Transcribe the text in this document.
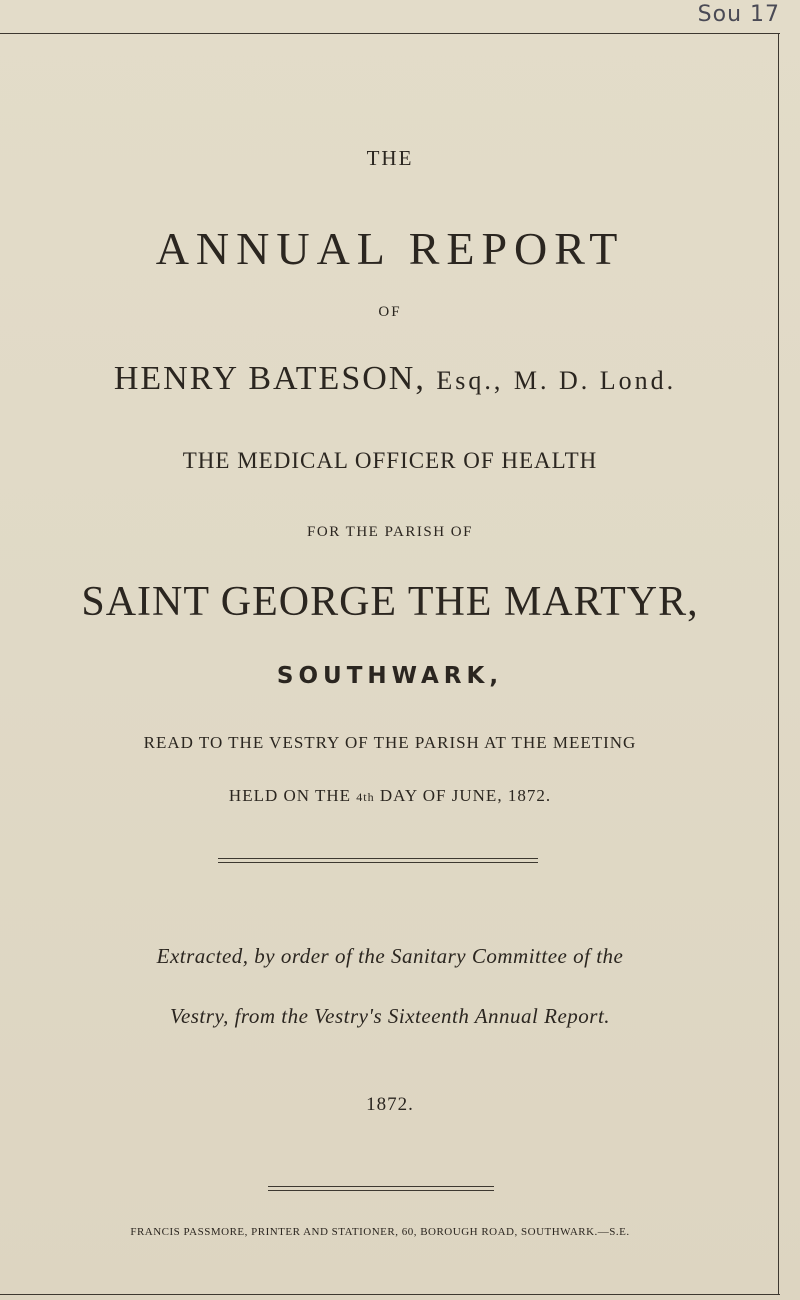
Sou 17
THE
ANNUAL REPORT
OF
HENRY BATESON, Esq., M. D. Lond.
THE MEDICAL OFFICER OF HEALTH
FOR THE PARISH OF
SAINT GEORGE THE MARTYR,
SOUTHWARK,
READ TO THE VESTRY OF THE PARISH AT THE MEETING
HELD ON THE 4th DAY OF JUNE, 1872.
Extracted, by order of the Sanitary Committee of the
Vestry, from the Vestry's Sixteenth Annual Report.
1872.
FRANCIS PASSMORE, PRINTER AND STATIONER, 60, BOROUGH ROAD, SOUTHWARK.—S.E.
